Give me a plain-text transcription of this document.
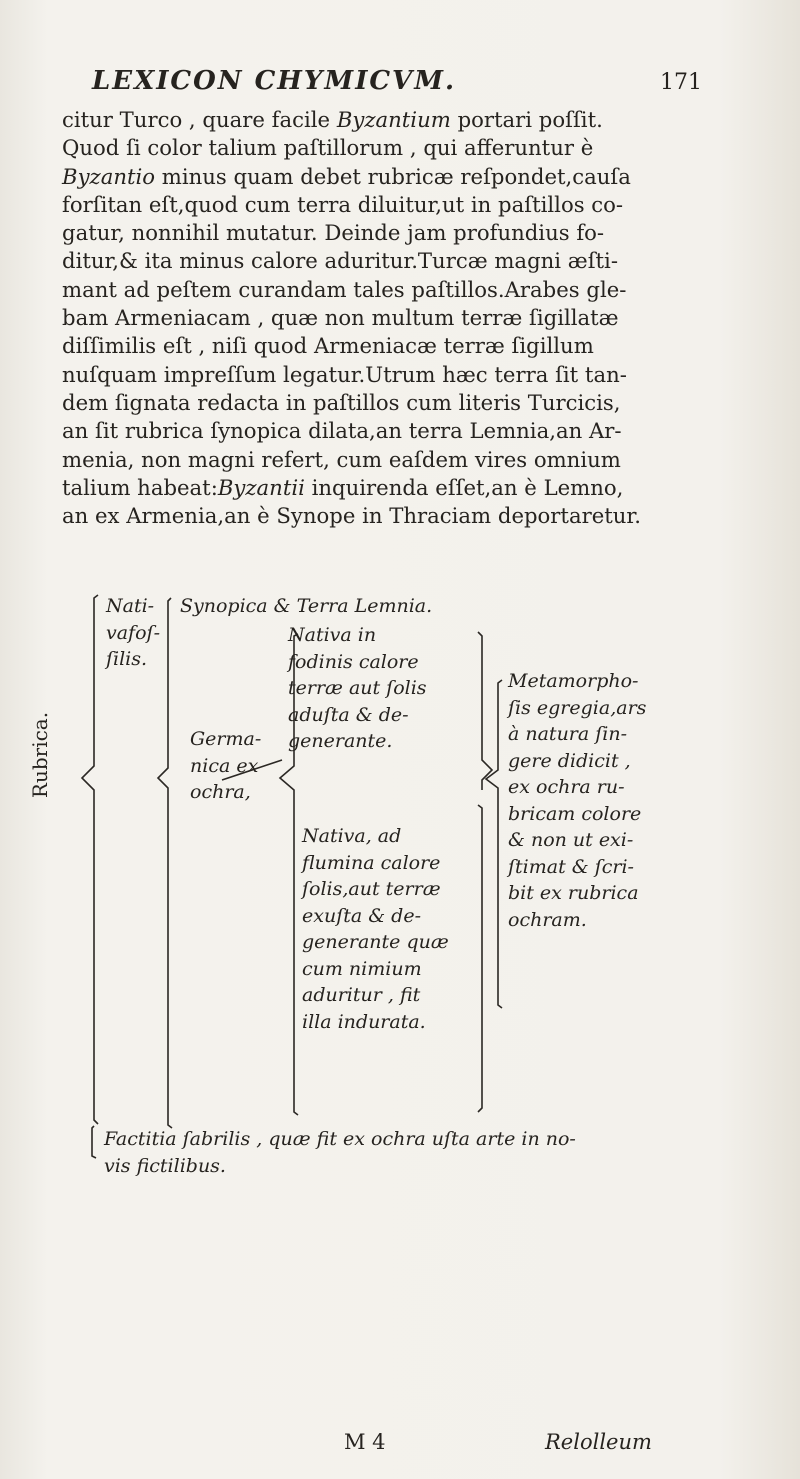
LEXICON CHYMICVM.	171

citur Turco , quare facile Byzantium portari poſſit.

Quod ſi color talium paſtillorum , qui afferuntur è

Byzantio minus quam debet rubricæ reſpondet,cauſa

forſitan eſt,quod cum terra diluitur,ut in paſtillos co-

gatur, nonnihil mutatur. Deinde jam profundius fo-

ditur,& ita minus calore aduritur.Turcæ magni æſti-

mant ad peſtem curandam tales paſtillos.Arabes gle-

bam Armeniacam , quæ non multum terræ ſigillatæ

diſſimilis eſt , niſi quod Armeniacæ terræ ſigillum

nuſquam impreſſum legatur.Utrum hæc terra ſit tan-

dem ſignata redacta in paſtillos cum literis Turcicis,

an ſit rubrica ſynopica dilata,an terra Lemnia,an Ar-

menia, non magni refert, cum eaſdem vires omnium

talium habeat:Byzantii inquirenda eſſet,an è Lemno,

an ex Armenia,an è Synope in Thraciam deportaretur.

Rubrica.

Nati-

vafoſ-

ſilis.

Synopica & Terra Lemnia.

Germa-

nica ex

ochra,

Nativa in

fodinis calore

terræ aut ſolis

aduſta & de-

generante.

Metamorpho-

ſis egregia,ars

à natura ſin-

gere didicit ,

ex ochra ru-

bricam colore

& non ut exi-

ſtimat & ſcri-

bit ex rubrica

ochram.

Nativa, ad

flumina calore

ſolis,aut terræ

exuſta & de-

generante quæ

cum nimium

aduritur , fit

illa indurata.

Factitia ſabrilis , quæ fit ex ochra uſta arte in no-

vis fictilibus.

M 4	Relolleum
